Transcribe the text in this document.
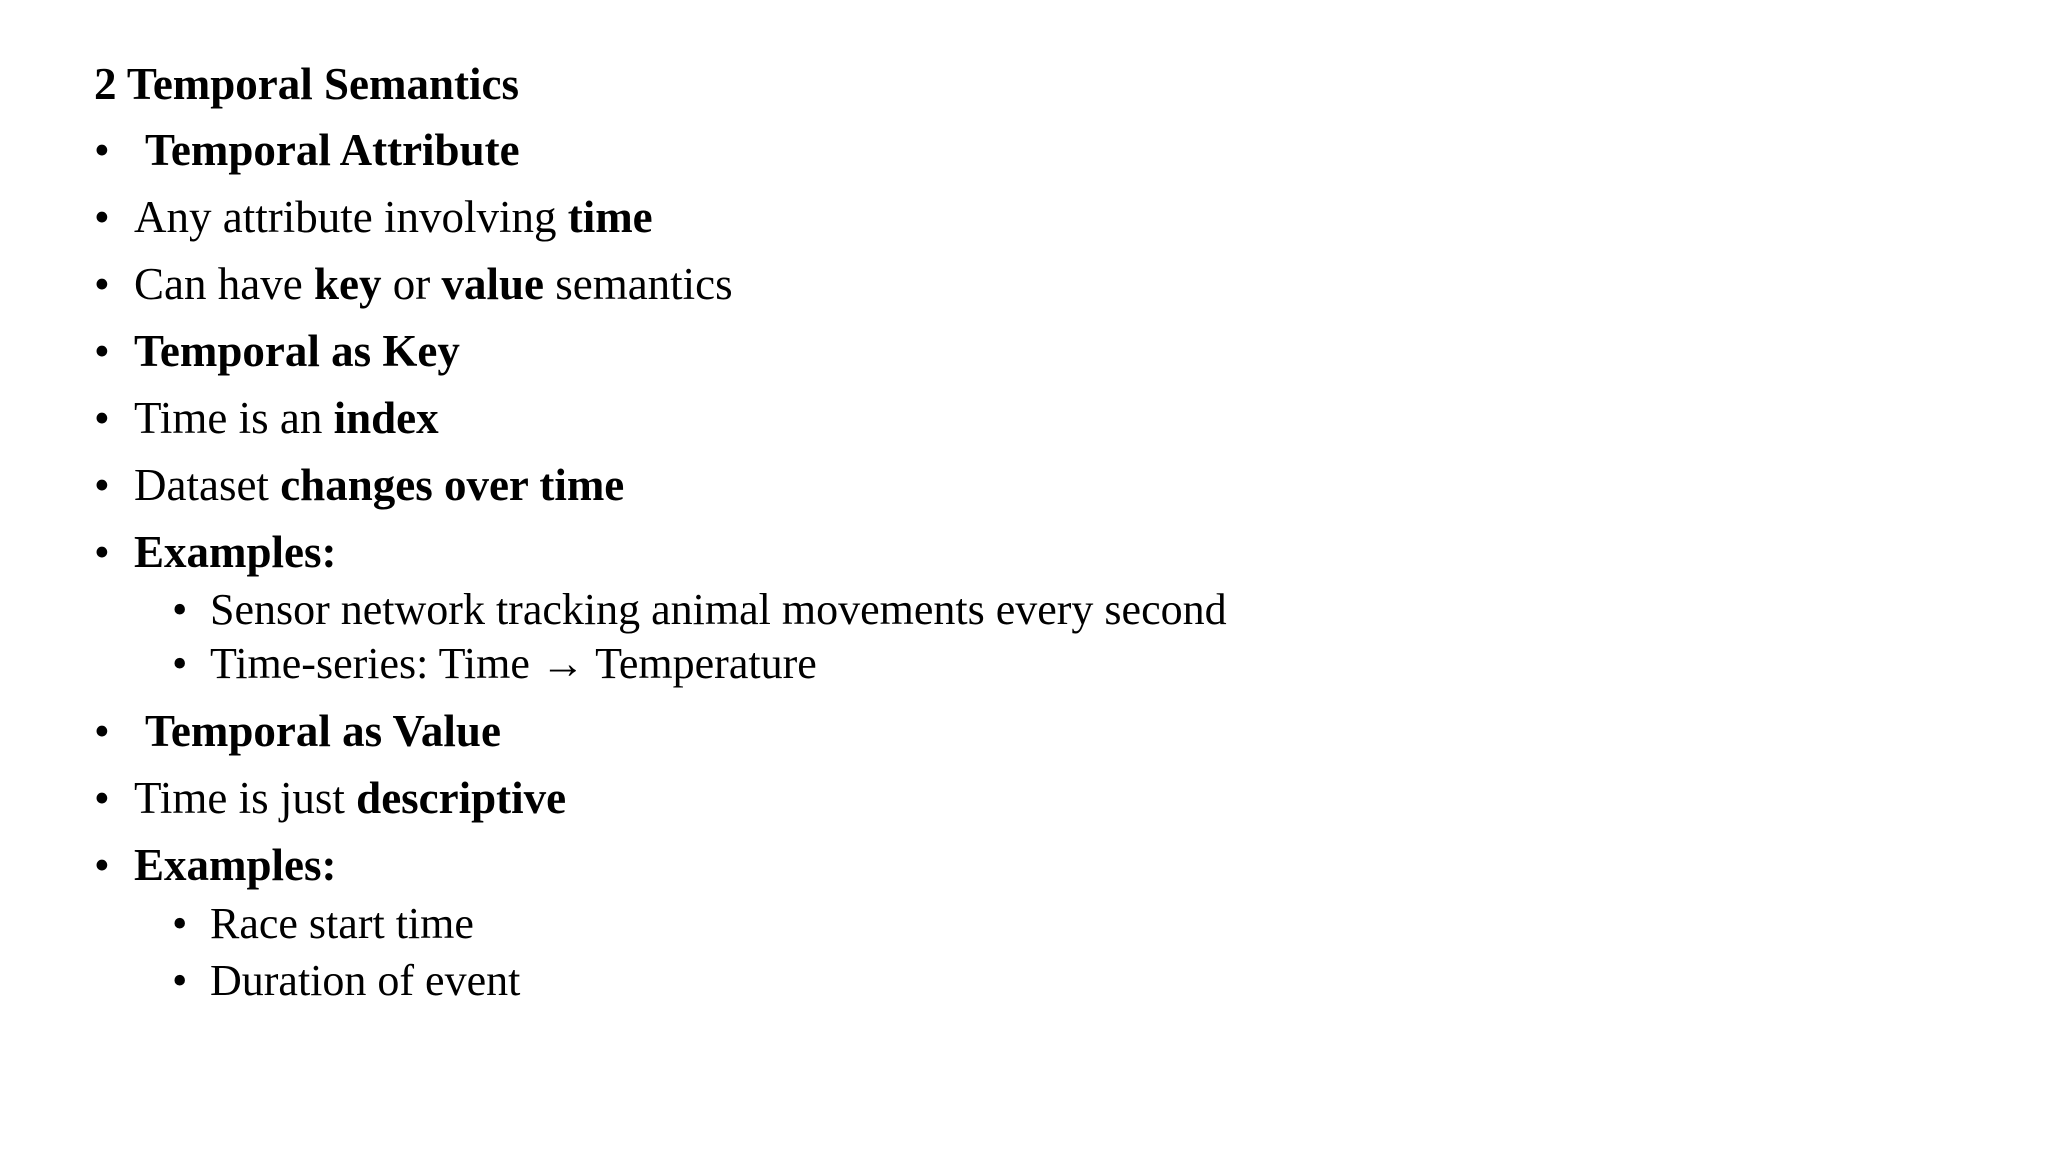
2 Temporal Semantics
• Temporal Attribute
• Any attribute involving time
• Can have key or value semantics
• Temporal as Key
• Time is an index
• Dataset changes over time
• Examples:
• Sensor network tracking animal movements every second
• Time-series: Time → Temperature
• Temporal as Value
• Time is just descriptive
• Examples:
• Race start time
• Duration of event
